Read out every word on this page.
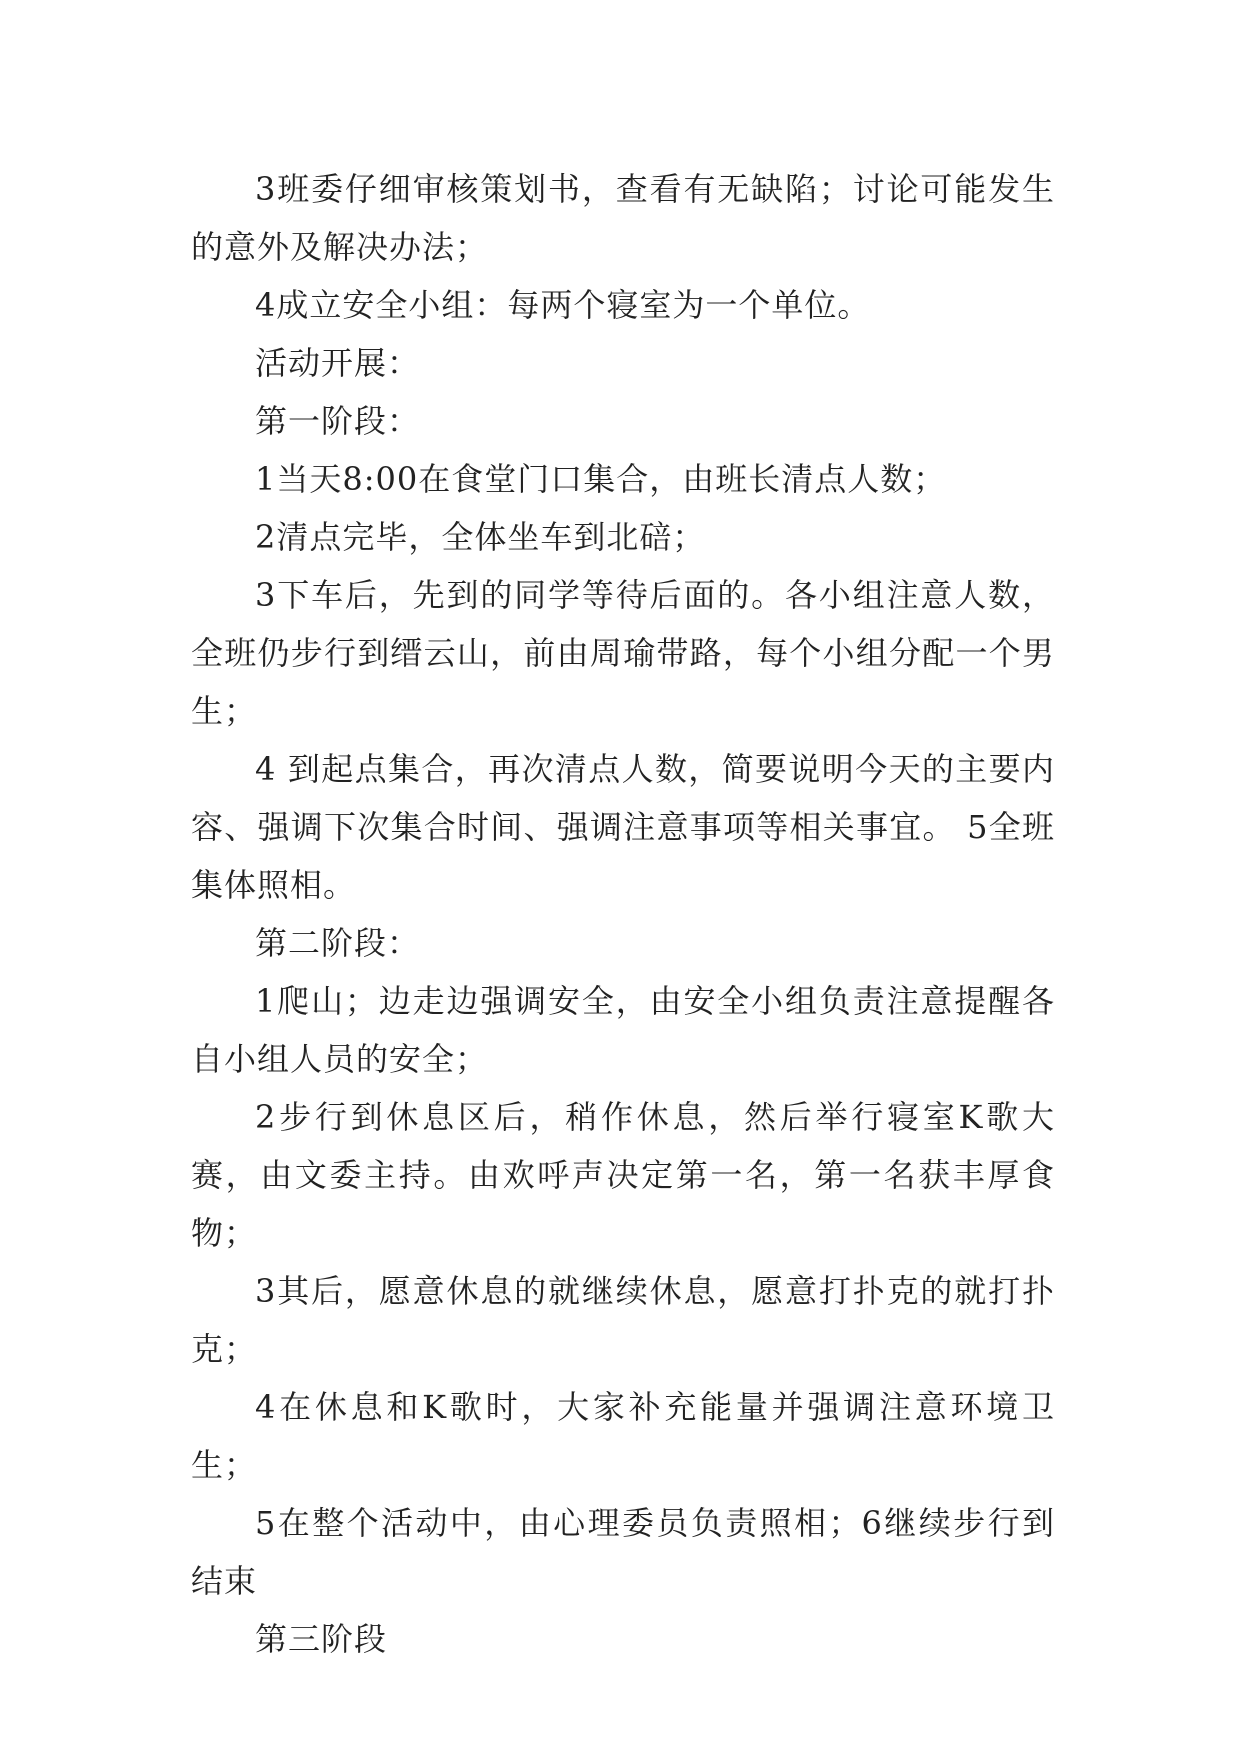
3班委仔细审核策划书，查看有无缺陷；讨论可能发生的意外及解决办法；

4成立安全小组：每两个寝室为一个单位。

活动开展：

第一阶段：

1当天8:00在食堂门口集合，由班长清点人数；

2清点完毕，全体坐车到北碚；

3下车后，先到的同学等待后面的。各小组注意人数，全班仍步行到缙云山，前由周瑜带路，每个小组分配一个男生；

4 到起点集合，再次清点人数，简要说明今天的主要内容、强调下次集合时间、强调注意事项等相关事宜。 5全班集体照相。

第二阶段：

1爬山；边走边强调安全，由安全小组负责注意提醒各自小组人员的安全；

2步行到休息区后，稍作休息，然后举行寝室K歌大赛，由文委主持。由欢呼声决定第一名，第一名获丰厚食物；

3其后，愿意休息的就继续休息，愿意打扑克的就打扑克；

4在休息和K歌时，大家补充能量并强调注意环境卫生；

5在整个活动中，由心理委员负责照相；6继续步行到结束

第三阶段
